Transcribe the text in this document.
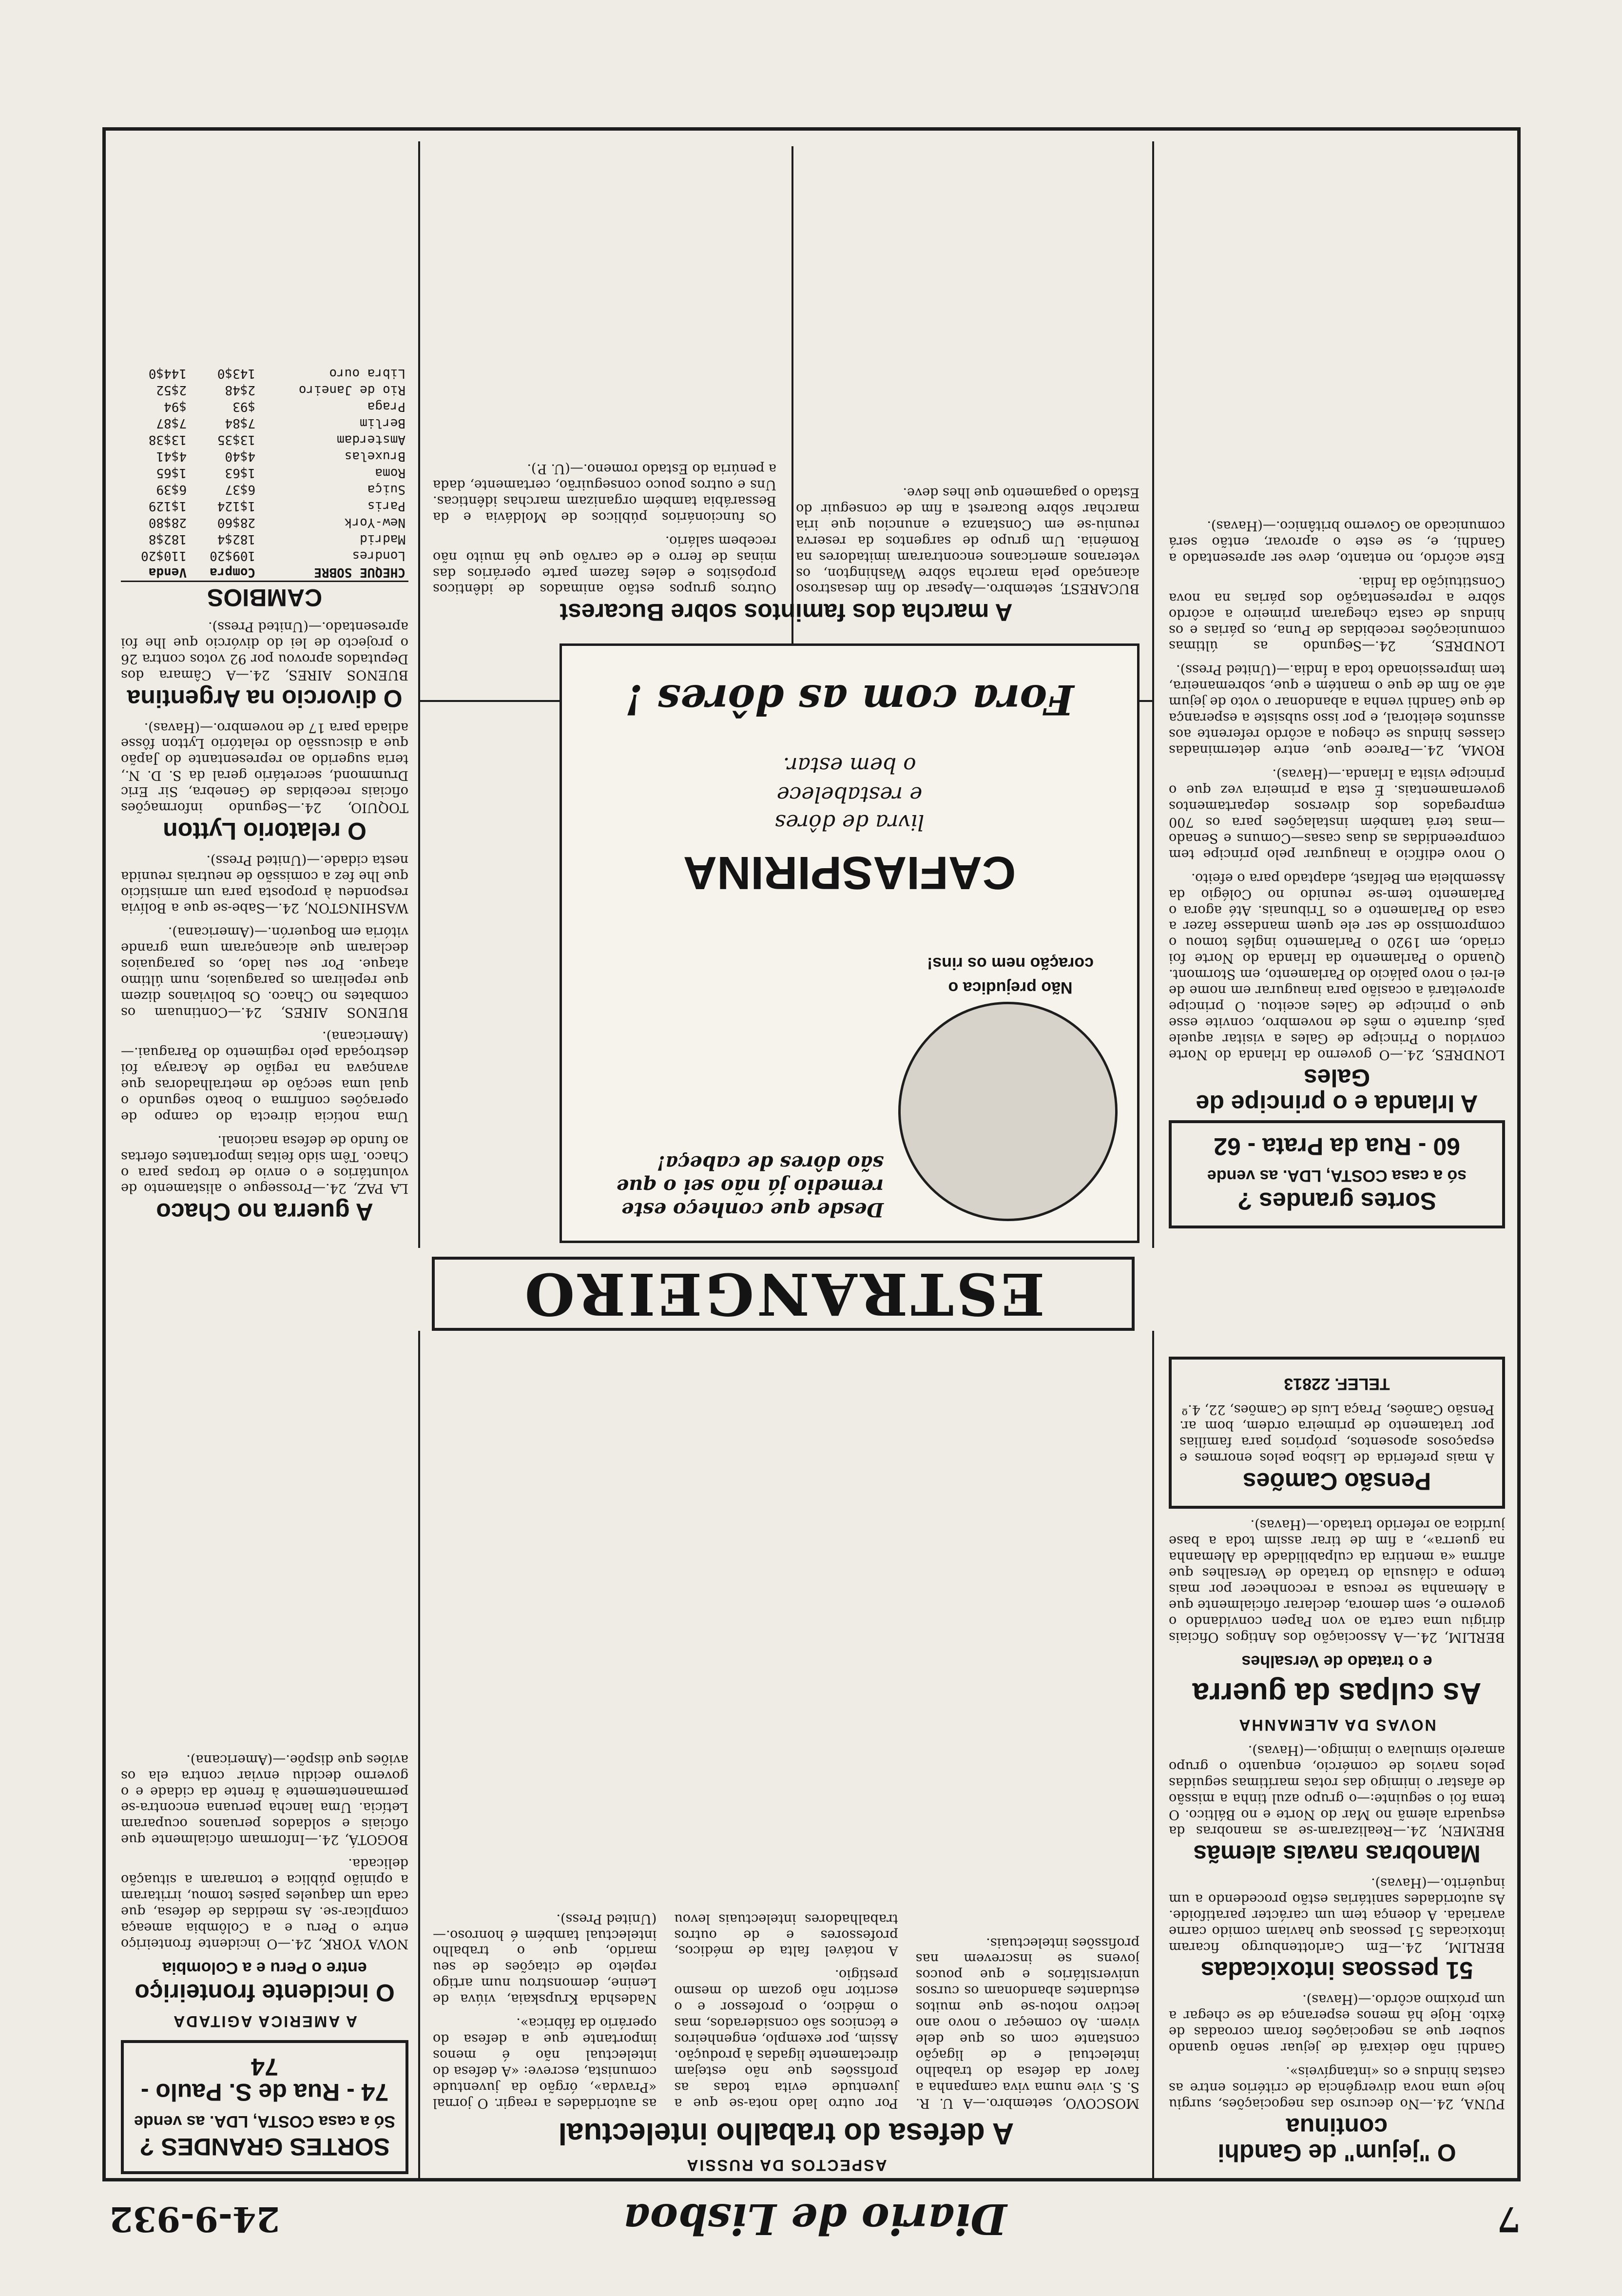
7
Diario de Lisboa
24-9-932
ESTRANGEIRO
Sortes grandes ?
só a casa COSTA, LDA. as vende
60 - Rua da Prata - 62
A Irlanda e o principe de Gales

LONDRES, 24.—O governo da Irlanda do Norte convidou o Principe de Gales a visitar aquele país, durante o mês de novembro, convite esse que o principe de Gales aceitou. O principe aproveitará a ocasião para inaugurar em nome de el-rei o novo palácio do Parlamento, em Stormont. Quando o Parlamento da Irlanda do Norte foi criado, em 1920 o Parlamento inglês tomou o compromisso de ser ele quem mandasse fazer a casa do Parlamento e os Tribunais. Até agora o Parlamento tem-se reunido no Colégio da Assembleia em Belfast, adaptado para o efeito.

O novo edifício a inaugurar pelo príncipe tem compreendidas as duas casas—Comuns e Senado—mas terá também instalações para os 700 empregados dos diversos departamentos governamentais. É esta a primeira vez que o principe visita a Irlanda.—(Havas).

ROMA, 24.—Parece que, entre determinadas classes hindus se chegou a acôrdo referente aos assuntos eleitoral, e por isso subsiste a esperança de que Gandhi venha a abandonar o voto de jejum até ao fim de que o mantém e que, sobremaneira, tem impressionado toda a Índia.—(United Press).

LONDRES, 24.—Segundo as últimas comunicações recebidas de Puna, os párias e os hindus de casta chegaram primeiro a acôrdo sôbre a representação dos párias na nova Constituição da Índia.

Este acôrdo, no entanto, deve ser apresentado a Gandhi, e, se este o aprovar, então será comunicado ao Governo britânico.—(Havas).

O "jejum" de Gandhi continua

PUNA, 24.—No decurso das negociações, surgiu hoje uma nova divergência de critérios entre as castas hindus e os «intangíveis».

Gandhi não deixará de jejuar senão quando souber que as negociações foram coroadas de êxito. Hoje há menos esperança de se chegar a um próximo acôrdo.—(Havas).

51 pessoas intoxicadas

BERLIM, 24.—Em Carlottenburgo ficaram intoxicadas 51 pessoas que haviam comido carne avariada. A doença tem um carácter paratifoide. As autoridades sanitárias estão procedendo a um inquérito.—(Havas).

Manobras navais alemãs

BREMEN, 24.—Realizaram-se as manobras da esquadra alemã no Mar do Norte e no Báltico. O tema foi o seguinte:—o grupo azul tinha a missão de afastar o inimigo das rotas marítimas seguidas pelos navios de comércio, enquanto o grupo amarelo simulava o inimigo.—(Havas).

NOVAS DA ALEMANHA
As culpas da guerra
e o tratado de Versalhes

BERLIM, 24.—A Associação dos Antigos Oficiais dirigiu uma carta ao von Papen convidando o governo e, sem demora, declarar oficialmente que a Alemanha se recusa a reconhecer por mais tempo a cláusula do tratado de Versalhes que afirma «a mentira da culpabilidade da Alemanha na guerra», a fim de tirar assim toda a base jurídica ao referido tratado.—(Havas).

Pensão Camões

A mais preferida de Lisboa pelos enormes e espaçosos aposentos, próprios para famílias por tratamento de primeira ordem, bom ar. Pensão Camões, Praça Luís de Camões, 22, 4.º

TELEF. 22813
Não prejudica o
coração nem os rins!
Desde que conheço este remedio já não sei o que são dôres de cabeça!
CAFIASPIRINA
livra de dôres
e restabelece
o bem estar.
Fora com as dôres !
A marcha dos famintos sobre Bucarest

BUCAREST, setembro.—Apesar do fim desastroso alcançado pela marcha sôbre Washington, os veteranos americanos encontraram imitadores na Roménia. Um grupo de sargentos da reserva reuniu-se em Constanza e anunciou que iria marchar sôbre Bucarest a fim de conseguir do Estado o pagamento que lhes deve.

Outros grupos estão animados de idênticos propósitos e deles fazem parte operários das minas de ferro e de carvão que há muito não recebem salário.

Os funcionários públicos de Moldávia e da Bessarábia também organizam marchas idênticas. Uns e outros pouco conseguirão, certamente, dada a penúria do Estado romeno.—(U. P.).

ASPECTOS DA RUSSIA
A defesa do trabalho intelectual

MOSCOVO, setembro.—A U. R. S. S. vive numa viva campanha a favor da defesa do trabalho intelectual e de ligação constante com os que dele vivem. Ao começar o novo ano lectivo notou-se que muitos estudantes abandonam os cursos universitários e que poucos jovens se inscrevem nas profissões intelectuais.

Por outro lado nota-se que a juventude evita todas as profissões que não estejam directamente ligadas à produção. Assim, por exemplo, engenheiros e técnicos são considerados, mas o médico, o professor e o escritor não gozam do mesmo prestígio.

A notável falta de médicos, professores e de outros trabalhadores intelectuais levou as autoridades a reagir. O jornal «Pravda», órgão da juventude comunista, escreve: «A defesa do intelectual não é menos importante que a defesa do operário da fábrica».

Nadeshda Krupskaia, viúva de Lenine, demonstrou num artigo repleto de citações de seu marido, que o trabalho intelectual também é honroso.—(United Press).

SORTES GRANDES ?
Só a casa COSTA, LDA. as vende
74 - Rua de S. Paulo - 74
A AMERICA AGITADA
O incidente fronteiriço
entre o Peru e a Colombia

NOVA YORK, 24.—O incidente fronteiriço entre o Peru e a Colômbia ameaça complicar-se. As medidas de defesa, que cada um daqueles países tomou, irritaram a opinião pública e tornaram a situação delicada.

BOGOTÁ, 24.—Informam oficialmente que oficiais e soldados peruanos ocuparam Letícia. Uma lancha peruana encontra-se permanentemente à frente da cidade e o governo decidiu enviar contra ela os aviões que dispõe.—(Americana).

A guerra no Chaco

LA PAZ, 24.—Prossegue o alistamento de voluntários e o envio de tropas para o Chaco. Têm sido feitas importantes ofertas ao fundo de defesa nacional.

Uma notícia directa do campo de operações confirma o boato segundo o qual uma secção de metralhadoras que avançava na região de Acaraya foi destroçada pelo regimento do Paraguai.—(Americana).

BUENOS AIRES, 24.—Continuam os combates no Chaco. Os bolivianos dizem que repeliram os paraguaios, num último ataque. Por seu lado, os paraguaios declaram que alcançaram uma grande vitória em Boquerón.—(Americana).

WASHINGTON, 24.—Sabe-se que a Bolívia respondeu à proposta para um armistício que lhe fez a comissão de neutrais reunida nesta cidade.—(United Press).

O relatorio Lytton

TOQUIO, 24.—Segundo informações oficiais recebidas de Genebra, Sir Eric Drummond, secretário geral da S. D. N., teria sugerido ao representante do Japão que a discussão do relatório Lytton fôsse adiada para 17 de novembro.—(Havas).

O divorcio na Argentina

BUENOS AIRES, 24.—A Câmara dos Deputados aprovou por 92 votos contra 26 o projecto de lei do divórcio que lhe foi apresentado.—(United Press).

CAMBIOS
CHEQUE SOBRE	Compra	Venda
Londres	109$20	110$20
Madrid	182$4	182$8
New-York	28$60	28$80
Paris	1$124	1$129
Suiça	6$37	6$39
Roma	1$63	1$65
Bruxelas	4$40	4$41
Amsterdam	13$35	13$38
Berlim	7$84	7$87
Praga	$93	$94
Rio de Janeiro	2$48	2$52
Libra ouro	143$0	144$0
